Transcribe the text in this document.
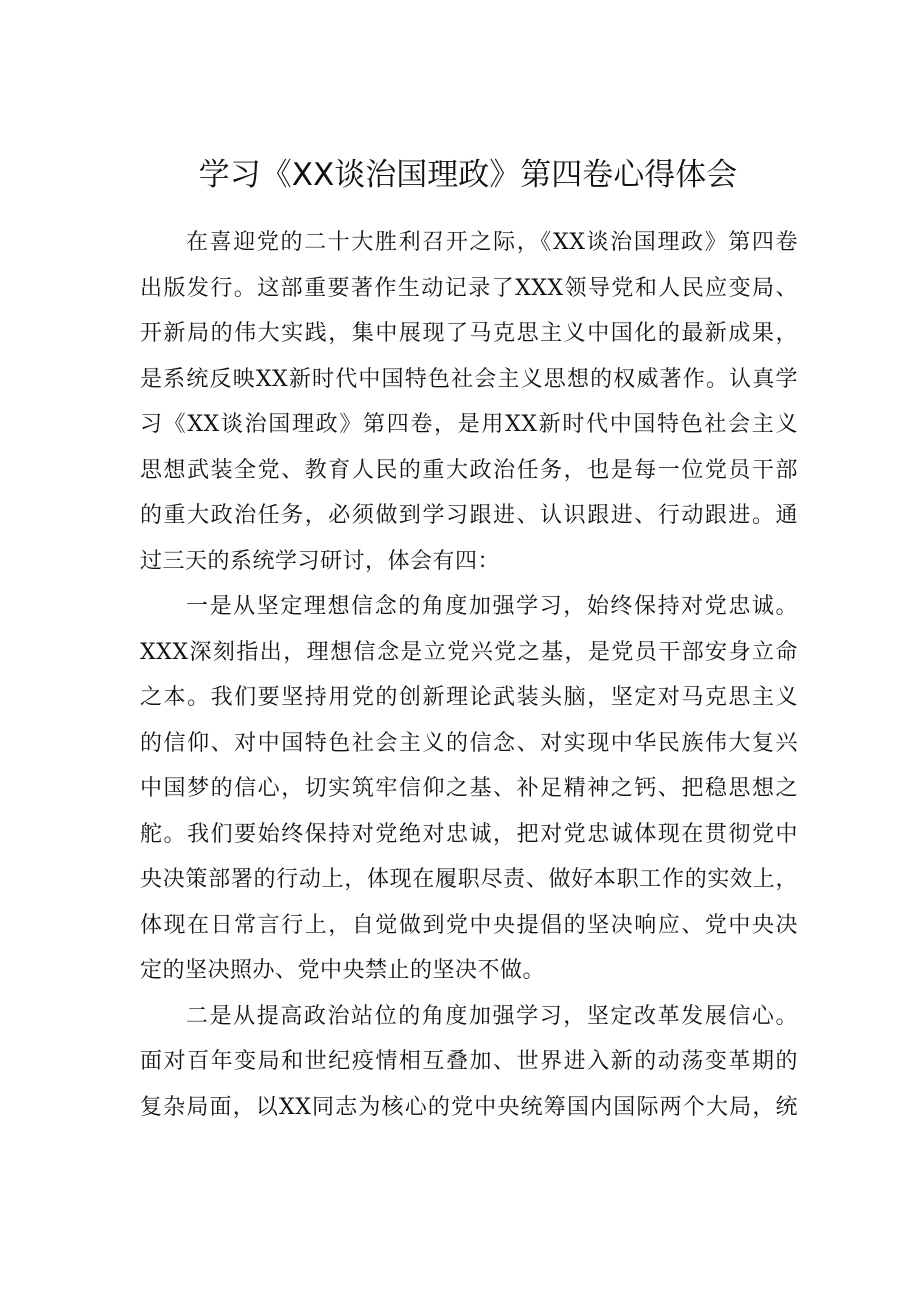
学习《XX谈治国理政》第四卷心得体会
在喜迎党的二十大胜利召开之际，《XX谈治国理政》第四卷
出版发行。这部重要著作生动记录了XXX领导党和人民应变局、
开新局的伟大实践，集中展现了马克思主义中国化的最新成果，
是系统反映XX新时代中国特色社会主义思想的权威著作。认真学
习《XX谈治国理政》第四卷，是用XX新时代中国特色社会主义
思想武装全党、教育人民的重大政治任务，也是每一位党员干部
的重大政治任务，必须做到学习跟进、认识跟进、行动跟进。通
过三天的系统学习研讨，体会有四：
一是从坚定理想信念的角度加强学习，始终保持对党忠诚。
XXX深刻指出，理想信念是立党兴党之基，是党员干部安身立命
之本。我们要坚持用党的创新理论武装头脑，坚定对马克思主义
的信仰、对中国特色社会主义的信念、对实现中华民族伟大复兴
中国梦的信心，切实筑牢信仰之基、补足精神之钙、把稳思想之
舵。我们要始终保持对党绝对忠诚，把对党忠诚体现在贯彻党中
央决策部署的行动上，体现在履职尽责、做好本职工作的实效上，
体现在日常言行上，自觉做到党中央提倡的坚决响应、党中央决
定的坚决照办、党中央禁止的坚决不做。
二是从提高政治站位的角度加强学习，坚定改革发展信心。
面对百年变局和世纪疫情相互叠加、世界进入新的动荡变革期的
复杂局面，以XX同志为核心的党中央统筹国内国际两个大局，统
